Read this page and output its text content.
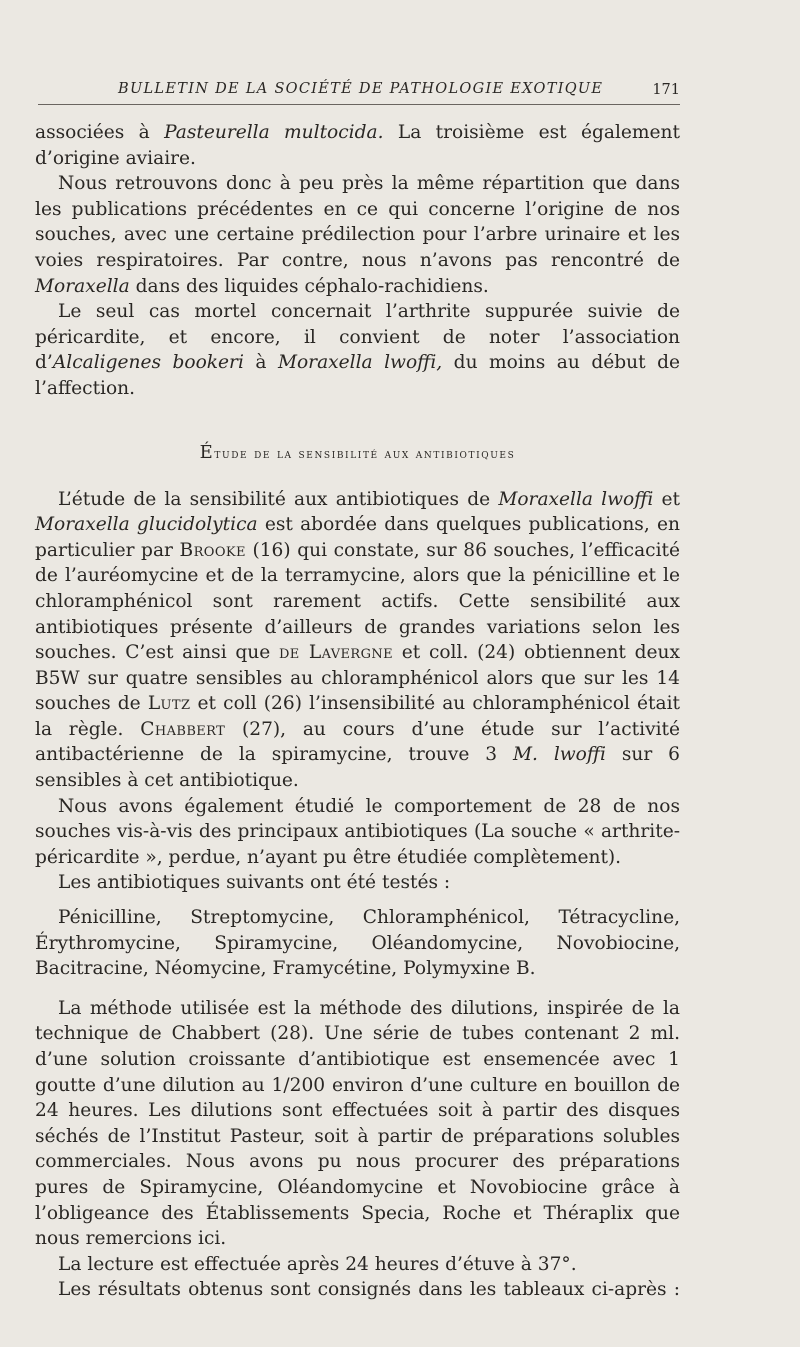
BULLETIN DE LA SOCIÉTÉ DE PATHOLOGIE EXOTIQUE	171

associées à Pasteurella multocida. La troisième est également d’origine aviaire.

Nous retrouvons donc à peu près la même répartition que dans les publications précédentes en ce qui concerne l’origine de nos souches, avec une certaine prédilection pour l’arbre urinaire et les voies respiratoires. Par contre, nous n’avons pas rencontré de Moraxella dans des liquides céphalo-rachidiens.

Le seul cas mortel concernait l’arthrite suppurée suivie de péricardite, et encore, il convient de noter l’association d’Alcaligenes bookeri à Moraxella lwoffi, du moins au début de l’affection.

Étude de la sensibilité aux antibiotiques

L’étude de la sensibilité aux antibiotiques de Moraxella lwoffi et Moraxella glucidolytica est abordée dans quelques publications, en particulier par Brooke (16) qui constate, sur 86 souches, l’efficacité de l’auréomycine et de la terramycine, alors que la pénicilline et le chloramphénicol sont rarement actifs. Cette sensibilité aux antibiotiques présente d’ailleurs de grandes variations selon les souches. C’est ainsi que de Lavergne et coll. (24) obtiennent deux B5W sur quatre sensibles au chloramphénicol alors que sur les 14 souches de Lutz et coll (26) l’insensibilité au chloramphénicol était la règle. Chabbert (27), au cours d’une étude sur l’activité antibactérienne de la spiramycine, trouve 3 M. lwoffi sur 6 sensibles à cet antibiotique.

Nous avons également étudié le comportement de 28 de nos souches vis-à-vis des principaux antibiotiques (La souche « arthrite-péricardite », perdue, n’ayant pu être étudiée complètement).

Les antibiotiques suivants ont été testés :

Pénicilline, Streptomycine, Chloramphénicol, Tétracycline, Érythromycine, Spiramycine, Oléandomycine, Novobiocine, Bacitracine, Néomycine, Framycétine, Polymyxine B.

La méthode utilisée est la méthode des dilutions, inspirée de la technique de Chabbert (28). Une série de tubes contenant 2 ml. d’une solution croissante d’antibiotique est ensemencée avec 1 goutte d’une dilution au 1/200 environ d’une culture en bouillon de 24 heures. Les dilutions sont effectuées soit à partir des disques séchés de l’Institut Pasteur, soit à partir de préparations solubles commerciales. Nous avons pu nous procurer des préparations pures de Spiramycine, Oléandomycine et Novobiocine grâce à l’obligeance des Établissements Specia, Roche et Théraplix que nous remercions ici.

La lecture est effectuée après 24 heures d’étuve à 37°.

Les résultats obtenus sont consignés dans les tableaux ci-après :
